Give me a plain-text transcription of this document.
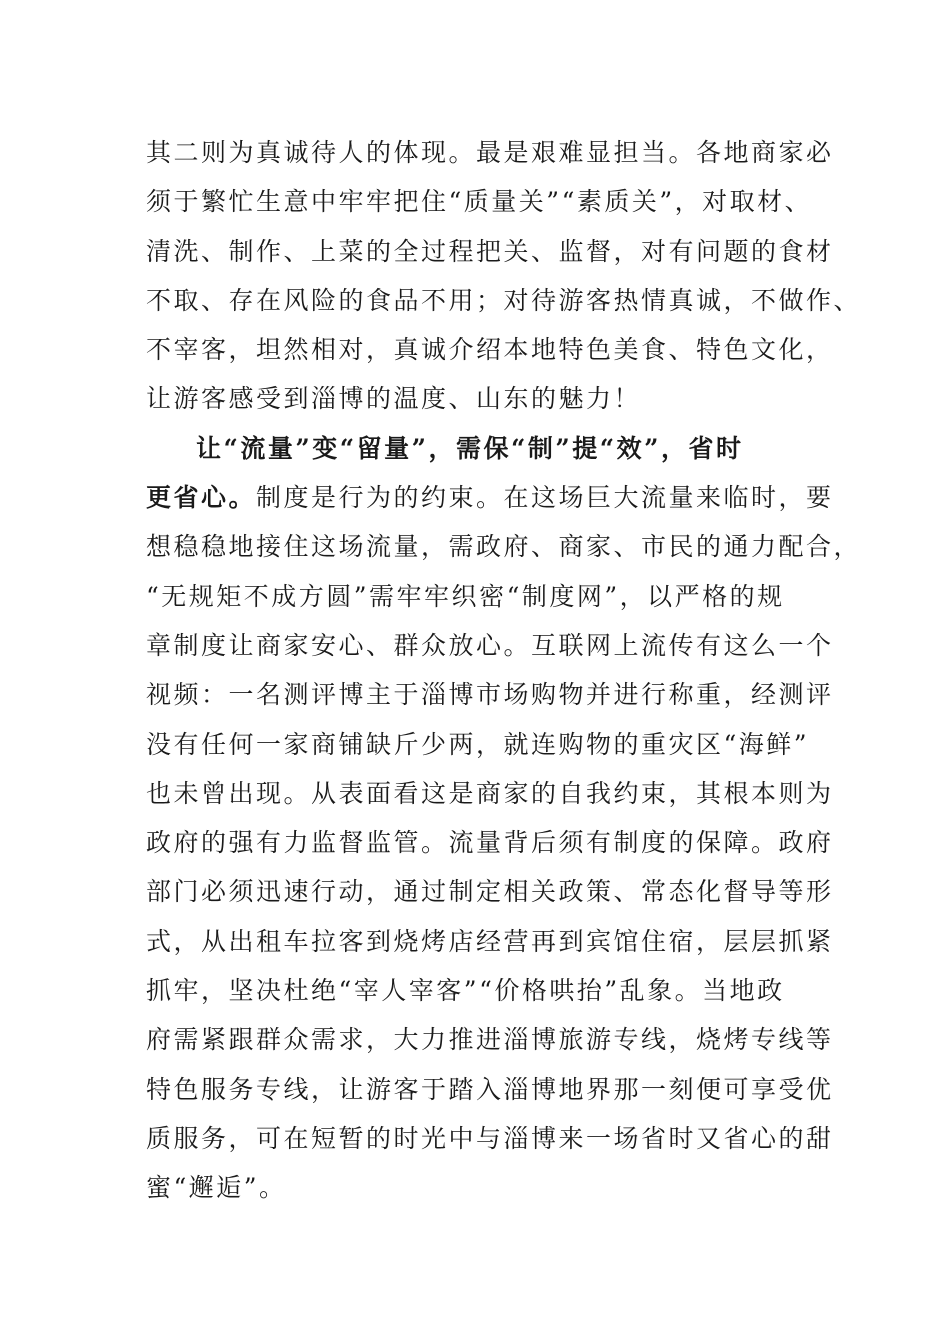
其二则为真诚待人的体现。最是艰难显担当。各地商家必
须于繁忙生意中牢牢把住“质量关”“素质关”，对取材、
清洗、制作、上菜的全过程把关、监督，对有问题的食材
不取、存在风险的食品不用；对待游客热情真诚，不做作、
不宰客，坦然相对，真诚介绍本地特色美食、特色文化，
让游客感受到淄博的温度、山东的魅力！
让“流量”变“留量”，需保“制”提“效”，省时
更省心。制度是行为的约束。在这场巨大流量来临时，要
想稳稳地接住这场流量，需政府、商家、市民的通力配合，
“无规矩不成方圆”需牢牢织密“制度网”，以严格的规
章制度让商家安心、群众放心。互联网上流传有这么一个
视频：一名测评博主于淄博市场购物并进行称重，经测评
没有任何一家商铺缺斤少两，就连购物的重灾区“海鲜”
也未曾出现。从表面看这是商家的自我约束，其根本则为
政府的强有力监督监管。流量背后须有制度的保障。政府
部门必须迅速行动，通过制定相关政策、常态化督导等形
式，从出租车拉客到烧烤店经营再到宾馆住宿，层层抓紧
抓牢，坚决杜绝“宰人宰客”“价格哄抬”乱象。当地政
府需紧跟群众需求，大力推进淄博旅游专线，烧烤专线等
特色服务专线，让游客于踏入淄博地界那一刻便可享受优
质服务，可在短暂的时光中与淄博来一场省时又省心的甜
蜜“邂逅”。
